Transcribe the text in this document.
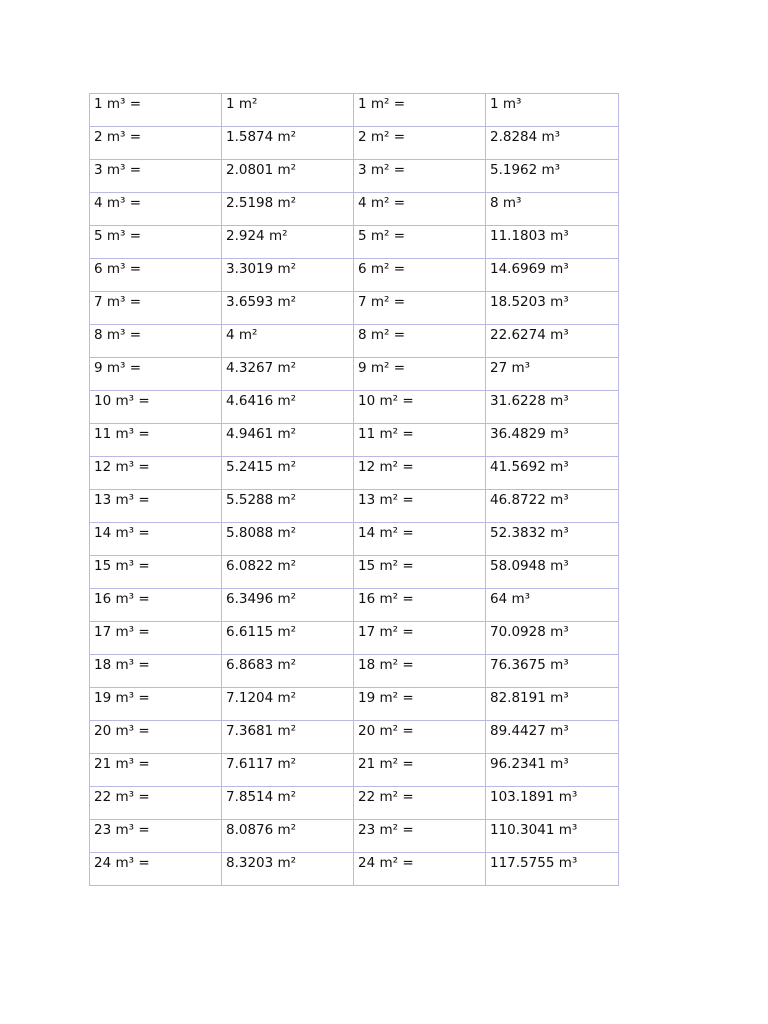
1 m³ =	1 m²	1 m² =	1 m³
2 m³ =	1.5874 m²	2 m² =	2.8284 m³
3 m³ =	2.0801 m²	3 m² =	5.1962 m³
4 m³ =	2.5198 m²	4 m² =	8 m³
5 m³ =	2.924 m²	5 m² =	11.1803 m³
6 m³ =	3.3019 m²	6 m² =	14.6969 m³
7 m³ =	3.6593 m²	7 m² =	18.5203 m³
8 m³ =	4 m²	8 m² =	22.6274 m³
9 m³ =	4.3267 m²	9 m² =	27 m³
10 m³ =	4.6416 m²	10 m² =	31.6228 m³
11 m³ =	4.9461 m²	11 m² =	36.4829 m³
12 m³ =	5.2415 m²	12 m² =	41.5692 m³
13 m³ =	5.5288 m²	13 m² =	46.8722 m³
14 m³ =	5.8088 m²	14 m² =	52.3832 m³
15 m³ =	6.0822 m²	15 m² =	58.0948 m³
16 m³ =	6.3496 m²	16 m² =	64 m³
17 m³ =	6.6115 m²	17 m² =	70.0928 m³
18 m³ =	6.8683 m²	18 m² =	76.3675 m³
19 m³ =	7.1204 m²	19 m² =	82.8191 m³
20 m³ =	7.3681 m²	20 m² =	89.4427 m³
21 m³ =	7.6117 m²	21 m² =	96.2341 m³
22 m³ =	7.8514 m²	22 m² =	103.1891 m³
23 m³ =	8.0876 m²	23 m² =	110.3041 m³
24 m³ =	8.3203 m²	24 m² =	117.5755 m³
